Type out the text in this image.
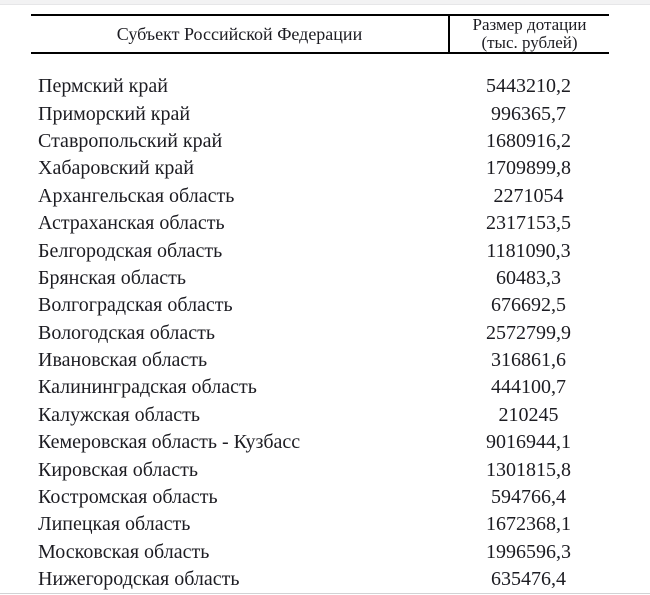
Субъект Российской Федерации	Размер дотации
(тыс. рублей)
Пермский край	5443210,2
Приморский край	996365,7
Ставропольский край	1680916,2
Хабаровский край	1709899,8
Архангельская область	2271054
Астраханская область	2317153,5
Белгородская область	1181090,3
Брянская область	60483,3
Волгоградская область	676692,5
Вологодская область	2572799,9
Ивановская область	316861,6
Калининградская область	444100,7
Калужская область	210245
Кемеровская область - Кузбасс	9016944,1
Кировская область	1301815,8
Костромская область	594766,4
Липецкая область	1672368,1
Московская область	1996596,3
Нижегородская область	635476,4
